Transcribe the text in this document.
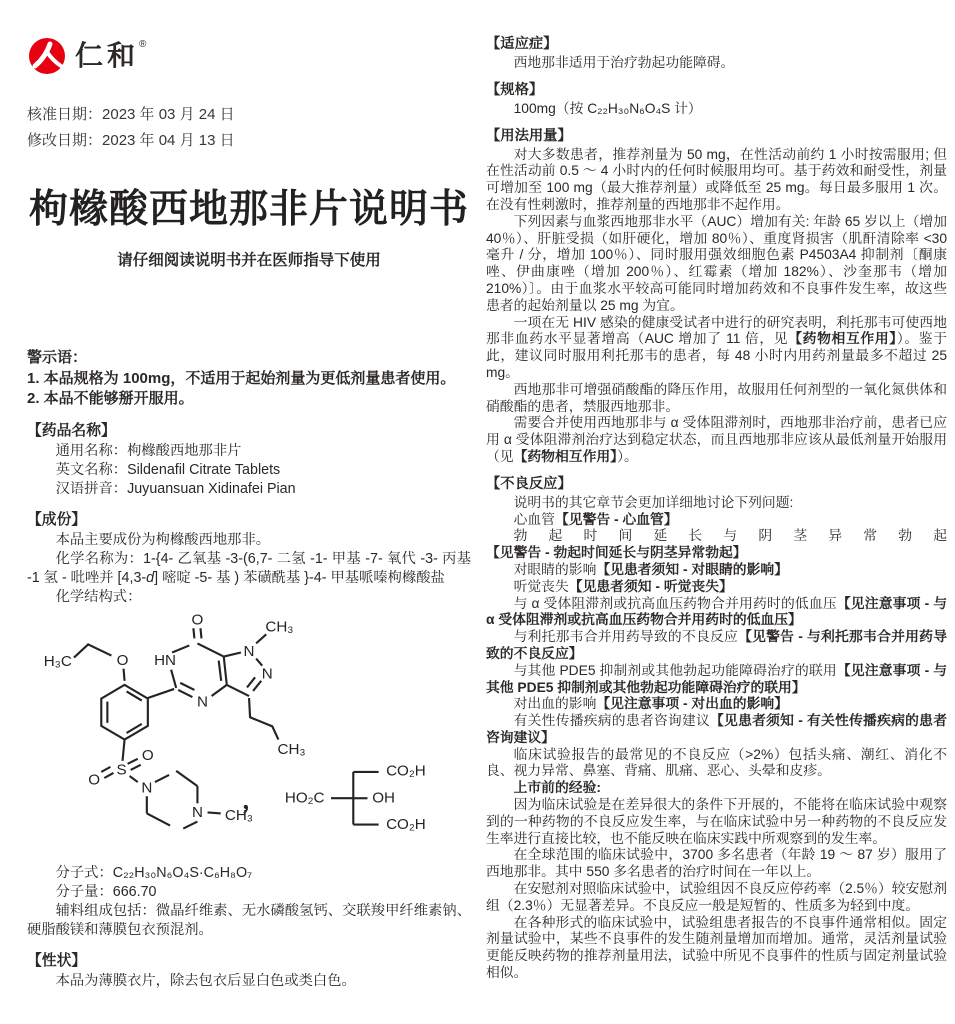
仁和 ®
核准日期：2023 年 03 月 24 日
修改日期：2023 年 04 月 13 日
枸橼酸西地那非片说明书
请仔细阅读说明书并在医师指导下使用
警示语：
1. 本品规格为 100mg，不适用于起始剂量为更低剂量患者使用。
2. 本品不能够掰开服用。
【药品名称】

通用名称：枸橼酸西地那非片

英文名称：Sildenafil Citrate Tablets

汉语拼音：Juyuansuan Xidinafei Pian

【成份】

本品主要成份为枸橼酸西地那非。

化学名称为：1-{4- 乙氧基 -3-(6,7- 二氢 -1- 甲基 -7- 氧代 -3- 丙基 -1 氢 - 吡唑并 [4,3-d] 嘧啶 -5- 基 ) 苯磺酰基 }-4- 甲基哌嗪枸橼酸盐

化学结构式：

H₃C	O HN
O	CH₃
N
N
N
CH₃
S
O
O	N
N CH₃
， HO₂C	OH
CO₂H
CO₂H

分子式：C₂₂H₃₀N₆O₄S·C₆H₈O₇

分子量：666.70

辅料组成包括：微晶纤维素、无水磷酸氢钙、交联羧甲纤维素钠、硬脂酸镁和薄膜包衣预混剂。

【性状】

本品为薄膜衣片，除去包衣后显白色或类白色。

【适应症】

西地那非适用于治疗勃起功能障碍。

【规格】

100mg（按 C₂₂H₃₀N₆O₄S 计）

【用法用量】

对大多数患者，推荐剂量为 50 mg，在性活动前约 1 小时按需服用; 但在性活动前 0.5 ～ 4 小时内的任何时候服用均可。基于药效和耐受性，剂量可增加至 100 mg（最大推荐剂量）或降低至 25 mg。每日最多服用 1 次。在没有性刺激时，推荐剂量的西地那非不起作用。

下列因素与血浆西地那非水平（AUC）增加有关: 年龄 65 岁以上（增加 40％）、肝脏受损（如肝硬化，增加 80％）、重度肾损害（肌酐清除率 <30 毫升 / 分，增加 100％）、同时服用强效细胞色素 P4503A4 抑制剂〔酮康唑、伊曲康唑（增加 200％）、红霉素（增加 182%）、沙奎那韦（增加 210%）〕。由于血浆水平较高可能同时增加药效和不良事件发生率，故这些患者的起始剂量以 25 mg 为宜。

一项在无 HIV 感染的健康受试者中进行的研究表明，利托那韦可使西地那非血药水平显著增高（AUC 增加了 11 倍，见【药物相互作用】）。鉴于此，建议同时服用利托那韦的患者，每 48 小时内用药剂量最多不超过 25 mg。

西地那非可增强硝酸酯的降压作用，故服用任何剂型的一氧化氮供体和硝酸酯的患者，禁服西地那非。

需要合并使用西地那非与 α 受体阻滞剂时，西地那非治疗前，患者已应用 α 受体阻滞剂治疗达到稳定状态，而且西地那非应该从最低剂量开始服用（见【药物相互作用】）。

【不良反应】

说明书的其它章节会更加详细地讨论下列问题:

心血管【见警告 - 心血管】

勃起时间延长与阴茎异常勃起【见警告 - 勃起时间延长与阴茎异常勃起】

对眼睛的影响【见患者须知 - 对眼睛的影响】

听觉丧失【见患者须知 - 听觉丧失】

与 α 受体阻滞剂或抗高血压药物合并用药时的低血压【见注意事项 - 与 α 受体阻滞剂或抗高血压药物合并用药时的低血压】

与利托那韦合并用药导致的不良反应【见警告 - 与利托那韦合并用药导致的不良反应】

与其他 PDE5 抑制剂或其他勃起功能障碍治疗的联用【见注意事项 - 与其他 PDE5 抑制剂或其他勃起功能障碍治疗的联用】

对出血的影响【见注意事项 - 对出血的影响】

有关性传播疾病的患者咨询建议【见患者须知 - 有关性传播疾病的患者咨询建议】

临床试验报告的最常见的不良反应（>2%）包括头痛、潮红、消化不良、视力异常、鼻塞、背痛、肌痛、恶心、头晕和皮疹。

上市前的经验:

因为临床试验是在差异很大的条件下开展的，不能将在临床试验中观察到的一种药物的不良反应发生率，与在临床试验中另一种药物的不良反应发生率进行直接比较，也不能反映在临床实践中所观察到的发生率。

在全球范围的临床试验中，3700 多名患者（年龄 19 ～ 87 岁）服用了西地那非。其中 550 多名患者的治疗时间在一年以上。

在安慰剂对照临床试验中，试验组因不良反应停药率（2.5％）较安慰剂组（2.3％）无显著差异。不良反应一般是短暂的、性质多为轻到中度。

在各种形式的临床试验中，试验组患者报告的不良事件通常相似。固定剂量试验中，某些不良事件的发生随剂量增加而增加。通常，灵活剂量试验更能反映药物的推荐剂量用法，试验中所见不良事件的性质与固定剂量试验相似。
